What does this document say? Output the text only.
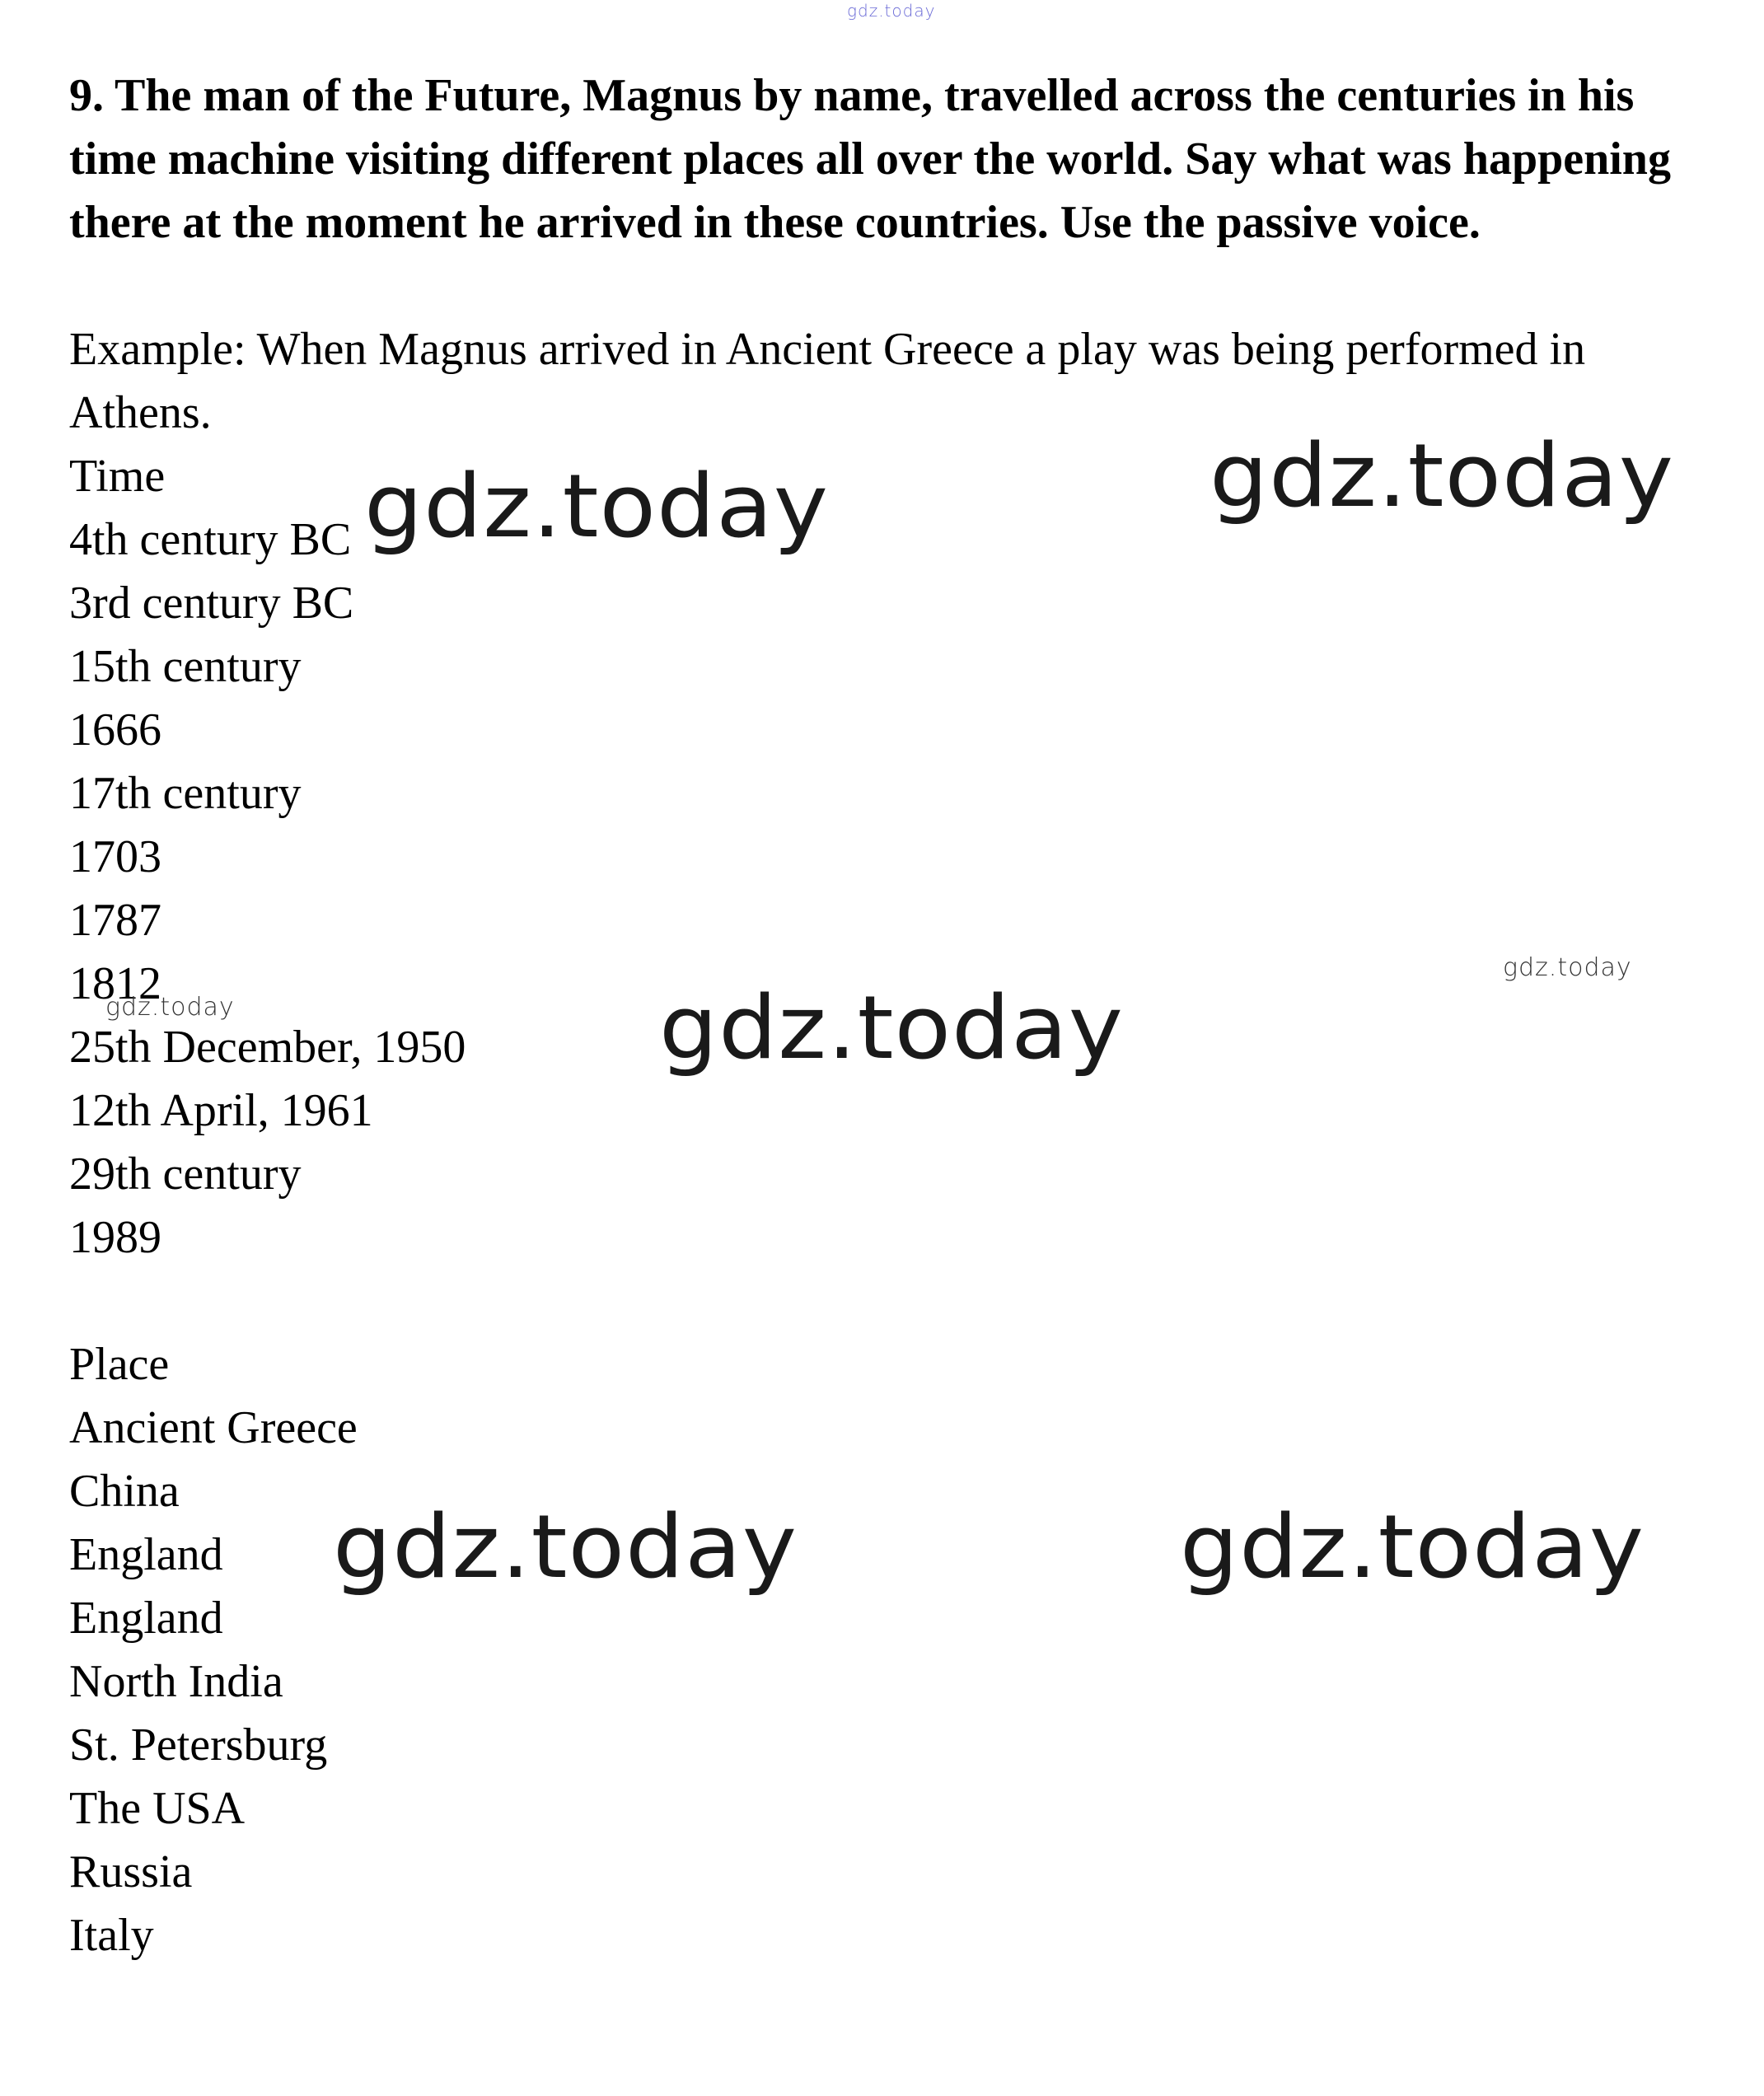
gdz.today
9. The man of the Future, Magnus by name, travelled across the centuries in his time machine visiting different places all over the world. Say what was happening there at the moment he arrived in these countries. Use the passive voice.
Example: When Magnus arrived in Ancient Greece a play was being performed in Athens.
Time
4th century BC
3rd century BC
15th century
1666
17th century
1703
1787
1812
25th December, 1950
12th April, 1961
29th century
1989
Place
Ancient Greece
China
England
England
North India
St. Petersburg
The USA
Russia
Italy
gdz.today	gdz.today
gdz.today
gdz.today	gdz.today
gdz.today
gdz.today
